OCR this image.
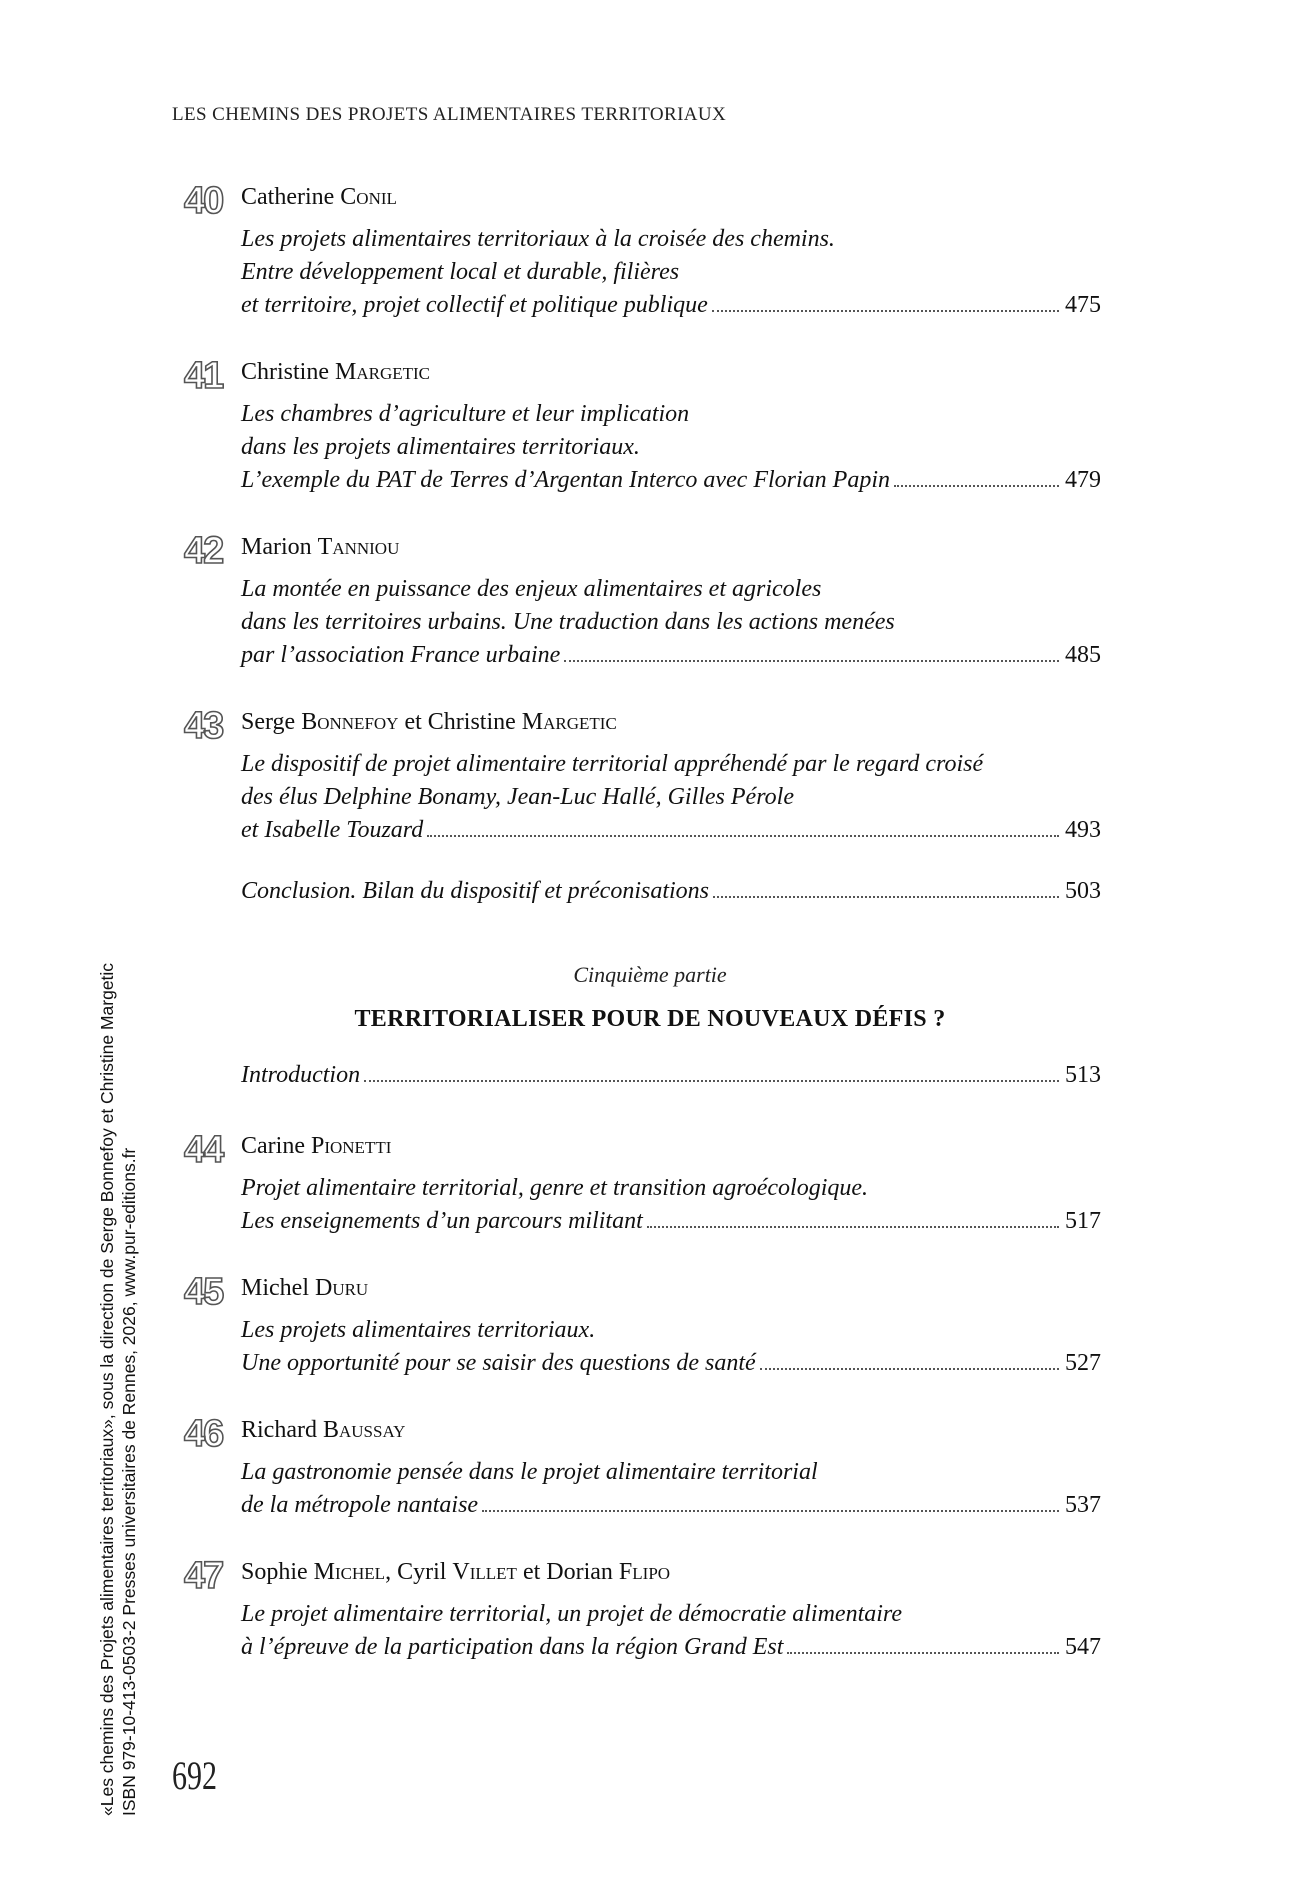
LES CHEMINS DES PROJETS ALIMENTAIRES TERRITORIAUX
40 Catherine Conil
Les projets alimentaires territoriaux à la croisée des chemins.
Entre développement local et durable, filières
et territoire, projet collectif et politique publique	475
41 Christine Margetic
Les chambres d’agriculture et leur implication
dans les projets alimentaires territoriaux.
L’exemple du PAT de Terres d’Argentan Interco avec Florian Papin	479
42 Marion Tanniou
La montée en puissance des enjeux alimentaires et agricoles
dans les territoires urbains. Une traduction dans les actions menées
par l’association France urbaine	485
43 Serge Bonnefoy et Christine Margetic
Le dispositif de projet alimentaire territorial appréhendé par le regard croisé
des élus Delphine Bonamy, Jean-Luc Hallé, Gilles Pérole
et Isabelle Touzard	493
Conclusion. Bilan du dispositif et préconisations	503
Cinquième partie
TERRITORIALISER POUR DE NOUVEAUX DÉFIS ?
Introduction	513
44 Carine Pionetti
Projet alimentaire territorial, genre et transition agroécologique.
Les enseignements d’un parcours militant	517
45 Michel Duru
Les projets alimentaires territoriaux.
Une opportunité pour se saisir des questions de santé	527
46 Richard Baussay
La gastronomie pensée dans le projet alimentaire territorial
de la métropole nantaise	537
47 Sophie Michel, Cyril Villet et Dorian Flipo
Le projet alimentaire territorial, un projet de démocratie alimentaire
à l’épreuve de la participation dans la région Grand Est	547
692
«Les chemins des Projets alimentaires territoriaux», sous la direction de Serge Bonnefoy et Christine Margetic ISBN 979-10-413-0503-2 Presses universitaires de Rennes, 2026, www.pur-editions.fr
